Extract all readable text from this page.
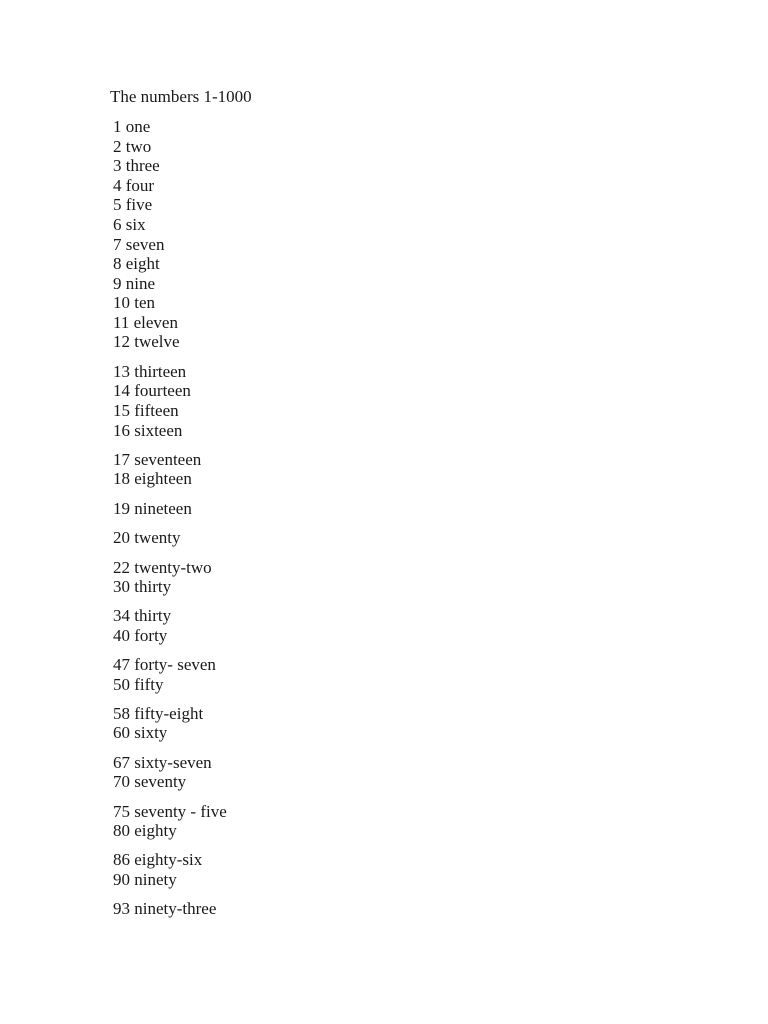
The numbers 1-1000
1 one
2 two
3 three
4 four
5 five
6 six
7 seven
8 eight
9 nine
10 ten
11 eleven
12 twelve
13 thirteen
14 fourteen
15 fifteen
16 sixteen
17 seventeen
18 eighteen
19 nineteen
20 twenty
22 twenty-two
30 thirty
34 thirty
40 forty
47 forty- seven
50 fifty
58 fifty-eight
60 sixty
67 sixty-seven
70 seventy
75 seventy - five
80 eighty
86 eighty-six
90 ninety
93 ninety-three
